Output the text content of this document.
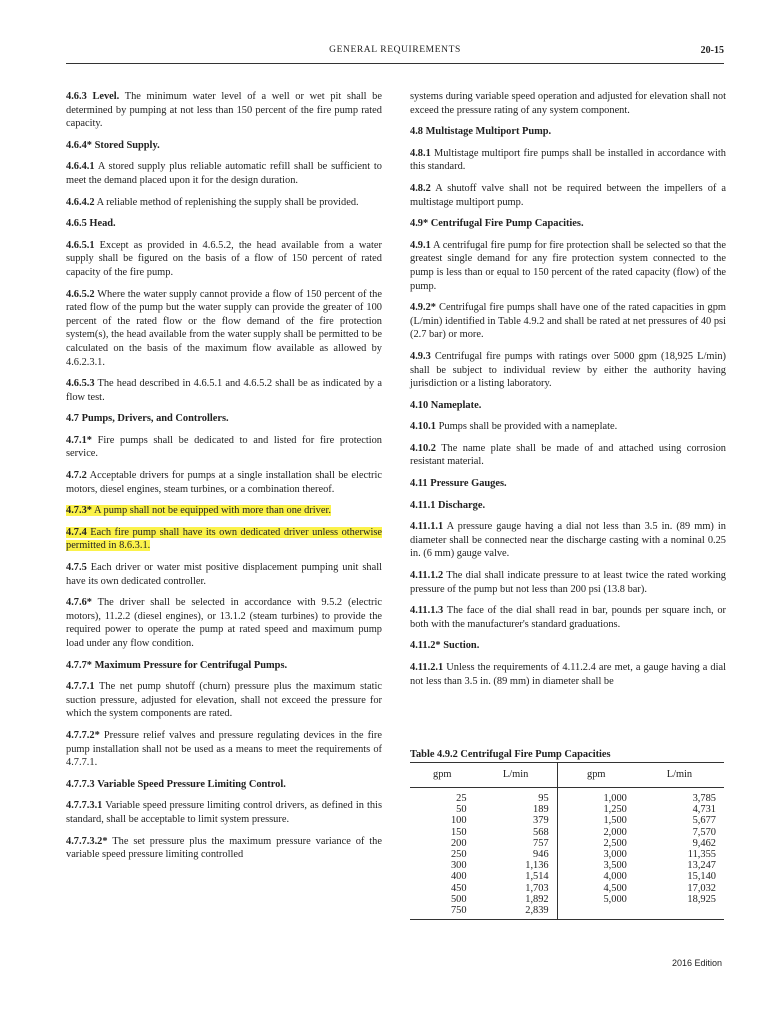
GENERAL REQUIREMENTS	20-15

4.6.3 Level. The minimum water level of a well or wet pit shall be determined by pumping at not less than 150 percent of the fire pump rated capacity.

4.6.4* Stored Supply.

4.6.4.1 A stored supply plus reliable automatic refill shall be sufficient to meet the demand placed upon it for the design duration.

4.6.4.2 A reliable method of replenishing the supply shall be provided.

4.6.5 Head.

4.6.5.1 Except as provided in 4.6.5.2, the head available from a water supply shall be figured on the basis of a flow of 150 percent of rated capacity of the fire pump.

4.6.5.2 Where the water supply cannot provide a flow of 150 percent of the rated flow of the pump but the water supply can provide the greater of 100 percent of the rated flow or the flow demand of the fire protection system(s), the head available from the water supply shall be permitted to be calculated on the basis of the maximum flow available as allowed by 4.6.2.3.1.

4.6.5.3 The head described in 4.6.5.1 and 4.6.5.2 shall be as indicated by a flow test.

4.7 Pumps, Drivers, and Controllers.

4.7.1* Fire pumps shall be dedicated to and listed for fire protection service.

4.7.2 Acceptable drivers for pumps at a single installation shall be electric motors, diesel engines, steam turbines, or a combination thereof.

4.7.3* A pump shall not be equipped with more than one driver.

4.7.4 Each fire pump shall have its own dedicated driver unless otherwise permitted in 8.6.3.1.

4.7.5 Each driver or water mist positive displacement pumping unit shall have its own dedicated controller.

4.7.6* The driver shall be selected in accordance with 9.5.2 (electric motors), 11.2.2 (diesel engines), or 13.1.2 (steam turbines) to provide the required power to operate the pump at rated speed and maximum pump load under any flow condition.

4.7.7* Maximum Pressure for Centrifugal Pumps.

4.7.7.1 The net pump shutoff (churn) pressure plus the maximum static suction pressure, adjusted for elevation, shall not exceed the pressure for which the system components are rated.

4.7.7.2* Pressure relief valves and pressure regulating devices in the fire pump installation shall not be used as a means to meet the requirements of 4.7.7.1.

4.7.7.3 Variable Speed Pressure Limiting Control.

4.7.7.3.1 Variable speed pressure limiting control drivers, as defined in this standard, shall be acceptable to limit system pressure.

4.7.7.3.2* The set pressure plus the maximum pressure variance of the variable speed pressure limiting controlled

systems during variable speed operation and adjusted for elevation shall not exceed the pressure rating of any system component.

4.8 Multistage Multiport Pump.

4.8.1 Multistage multiport fire pumps shall be installed in accordance with this standard.

4.8.2 A shutoff valve shall not be required between the impellers of a multistage multiport pump.

4.9* Centrifugal Fire Pump Capacities.

4.9.1 A centrifugal fire pump for fire protection shall be selected so that the greatest single demand for any fire protection system connected to the pump is less than or equal to 150 percent of the rated capacity (flow) of the pump.

4.9.2* Centrifugal fire pumps shall have one of the rated capacities in gpm (L/min) identified in Table 4.9.2 and shall be rated at net pressures of 40 psi (2.7 bar) or more.

4.9.3 Centrifugal fire pumps with ratings over 5000 gpm (18,925 L/min) shall be subject to individual review by either the authority having jurisdiction or a listing laboratory.

4.10 Nameplate.

4.10.1 Pumps shall be provided with a nameplate.

4.10.2 The name plate shall be made of and attached using corrosion resistant material.

4.11 Pressure Gauges.

4.11.1 Discharge.

4.11.1.1 A pressure gauge having a dial not less than 3.5 in. (89 mm) in diameter shall be connected near the discharge casting with a nominal 0.25 in. (6 mm) gauge valve.

4.11.1.2 The dial shall indicate pressure to at least twice the rated working pressure of the pump but not less than 200 psi (13.8 bar).

4.11.1.3 The face of the dial shall read in bar, pounds per square inch, or both with the manufacturer's standard graduations.

4.11.2* Suction.

4.11.2.1 Unless the requirements of 4.11.2.4 are met, a gauge having a dial not less than 3.5 in. (89 mm) in diameter shall be

Table 4.9.2 Centrifugal Fire Pump Capacities
gpm	L/min	gpm	L/min
25	95	1,000	3,785
50	189	1,250	4,731
100	379	1,500	5,677
150	568	2,000	7,570
200	757	2,500	9,462
250	946	3,000	11,355
300	1,136	3,500	13,247
400	1,514	4,000	15,140
450	1,703	4,500	17,032
500	1,892	5,000	18,925
750	2,839		
2016 Edition
